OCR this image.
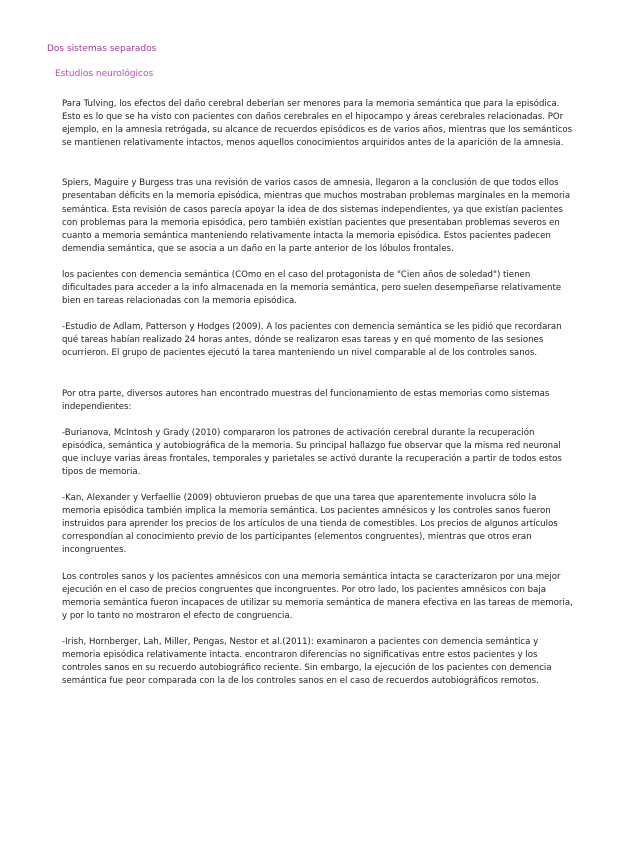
Dos sistemas separados
Estudios neurológicos

Para Tulving, los efectos del daño cerebral deberían ser menores para la memoria semántica que para la episódica. Esto es lo que se ha visto con pacientes con daños cerebrales en el hipocampo y áreas cerebrales relacionadas. POr ejemplo, en la amnesia retrógada, su alcance de recuerdos episódicos es de varios años, mientras que los semánticos se mantienen relativamente intactos, menos aquellos conocimientos arquiridos antes de la aparición de la amnesia.

Spiers, Maguire y Burgess tras una revisión de varios casos de amnesia, llegaron a la conclusión de que todos ellos presentaban déficits en la memoria episódica, mientras que muchos mostraban problemas marginales en la memoria semántica. Esta revisión de casos parecía apoyar la idea de dos sistemas independientes, ya que existían pacientes con problemas para la memoria episódica, pero también existían pacientes que presentaban problemas severos en cuanto a memoria semántica manteniendo relativamente intacta la memoria episódica. Estos pacientes padecen demendia semántica, que se asocia a un daño en la parte anterior de los lóbulos frontales.

los pacientes con demencia semántica (COmo en el caso del protagonista de "Cien años de soledad") tienen dificultades para acceder a la info almacenada en la memoria semántica, pero suelen desempeñarse relativamente bien en tareas relacionadas con la memoria episódica.

-Estudio de Adlam, Patterson y Hodges (2009). A los pacientes con demencia semántica se les pidió que recordaran qué tareas habían realizado 24 horas antes, dónde se realizaron esas tareas y en qué momento de las sesiones ocurrieron. El grupo de pacientes ejecutó la tarea manteniendo un nivel comparable al de los controles sanos.

Por otra parte, diversos autores han encontrado muestras del funcionamiento de estas memorias como sistemas independientes:

-Burianova, McIntosh y Grady (2010) compararon los patrones de activación cerebral durante la recuperación episódica, semántica y autobiográfica de la memoria. Su principal hallazgo fue observar que la misma red neuronal que incluye varias áreas frontales, temporales y parietales se activó durante la recuperación a partir de todos estos tipos de memoria.

-Kan, Alexander y Verfaellie (2009) obtuvieron pruebas de que una tarea que aparentemente involucra sólo la memoria episódica también implica la memoria semántica. Los pacientes amnésicos y los controles sanos fueron instruidos para aprender los precios de los artículos de una tienda de comestibles. Los precios de algunos artículos correspondían al conocimiento previo de los participantes (elementos congruentes), mientras que otros eran incongruentes.

Los controles sanos y los pacientes amnésicos con una memoria semántica intacta se caracterizaron por una mejor ejecución en el caso de precios congruentes que incongruentes. Por otro lado, los pacientes amnésicos con baja memoria semántica fueron incapaces de utilizar su memoria semántica de manera efectiva en las tareas de memoria, y por lo tanto no mostraron el efecto de congruencia.

-Irish, Hornberger, Lah, Miller, Pengas, Nestor et al.(2011): examinaron a pacientes con demencia semántica y memoria episódica relativamente intacta. encontraron diferencias no significativas entre estos pacientes y los controles sanos en su recuerdo autobiográfico reciente. Sin embargo, la ejecución de los pacientes con demencia semántica fue peor comparada con la de los controles sanos en el caso de recuerdos autobiográficos remotos.
